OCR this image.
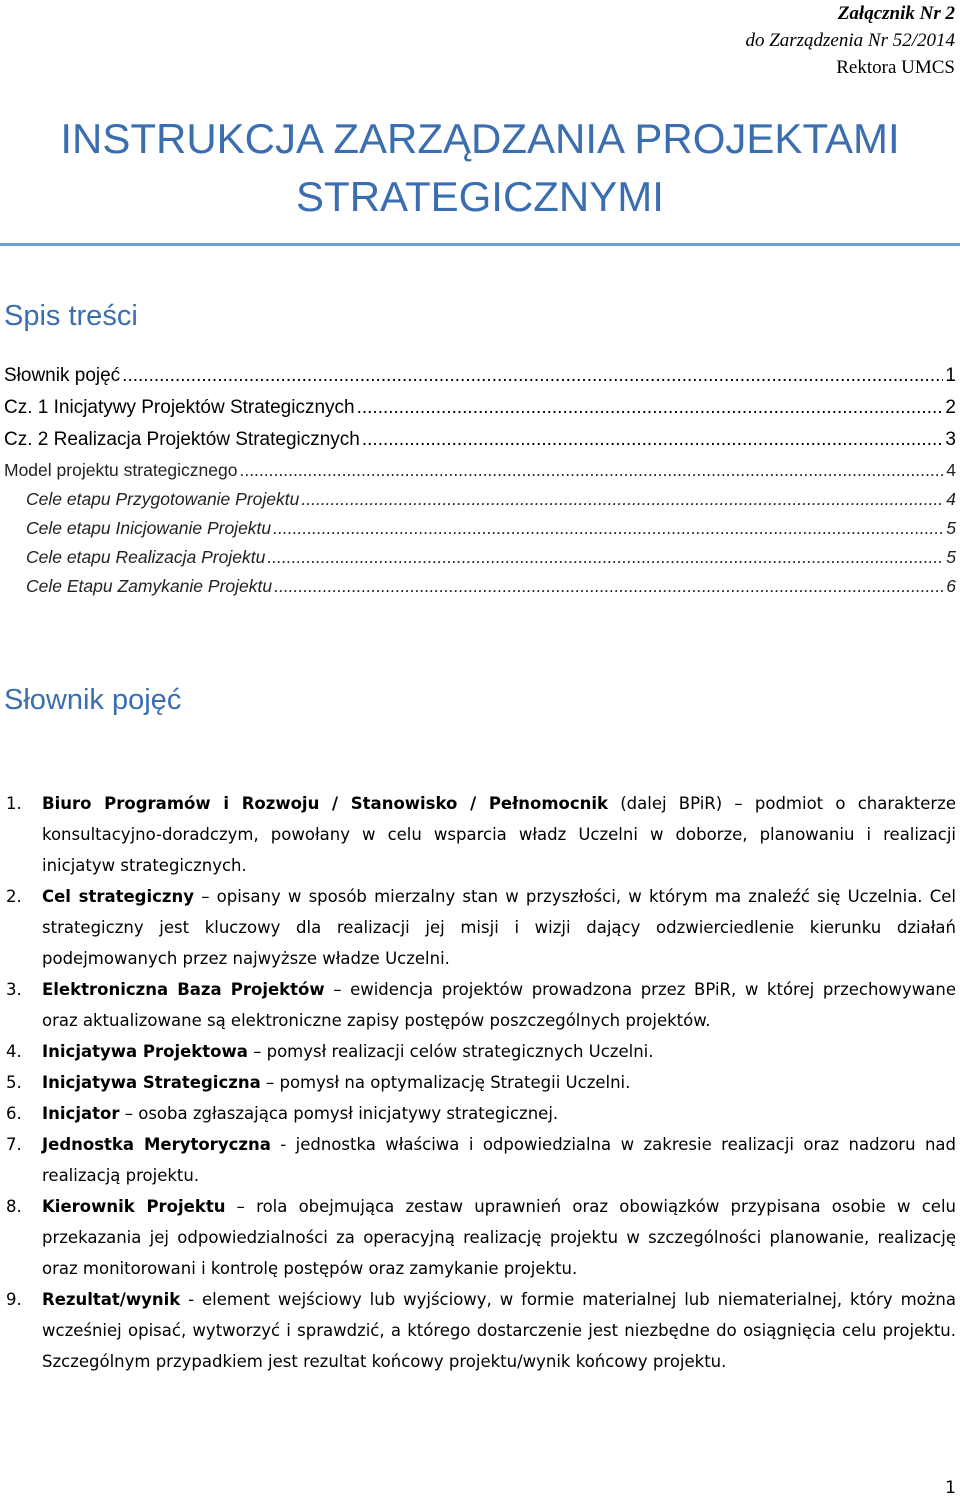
Załącznik Nr 2
do Zarządzenia Nr 52/2014
Rektora UMCS
INSTRUKCJA ZARZĄDZANIA PROJEKTAMI
STRATEGICZNYMI
Spis treści
Słownik pojęć .....	1
Cz. 1 Inicjatywy Projektów Strategicznych .....	2
Cz. 2 Realizacja Projektów Strategicznych .....	3
Model projektu strategicznego .....	4
Cele etapu Przygotowanie Projektu .....	4
Cele etapu Inicjowanie Projektu .....	5
Cele etapu Realizacja Projektu .....	5
Cele Etapu Zamykanie Projektu .....	6
Słownik pojęć
1.	Biuro Programów i Rozwoju / Stanowisko / Pełnomocnik (dalej BPiR) – podmiot o charakterze konsultacyjno-doradczym, powołany w celu wsparcia władz Uczelni w doborze, planowaniu i realizacji inicjatyw strategicznych.
2.	Cel strategiczny – opisany w sposób mierzalny stan w przyszłości, w którym ma znaleźć się Uczelnia. Cel strategiczny jest kluczowy dla realizacji jej misji i wizji dający odzwierciedlenie kierunku działań podejmowanych przez najwyższe władze Uczelni.
3.	Elektroniczna Baza Projektów – ewidencja projektów prowadzona przez BPiR, w której przechowywane oraz aktualizowane są elektroniczne zapisy postępów poszczególnych projektów.
4.	Inicjatywa Projektowa – pomysł realizacji celów strategicznych Uczelni.
5.	Inicjatywa Strategiczna – pomysł na optymalizację Strategii Uczelni.
6.	Inicjator – osoba zgłaszająca pomysł inicjatywy strategicznej.
7.	Jednostka Merytoryczna - jednostka właściwa i odpowiedzialna w zakresie realizacji oraz nadzoru nad realizacją projektu.
8.	Kierownik Projektu – rola obejmująca zestaw uprawnień oraz obowiązków przypisana osobie w celu przekazania jej odpowiedzialności za operacyjną realizację projektu w szczególności planowanie, realizację oraz monitorowani i kontrolę postępów oraz zamykanie projektu.
9.	Rezultat/wynik - element wejściowy lub wyjściowy, w formie materialnej lub niematerialnej, który można wcześniej opisać, wytworzyć i sprawdzić, a którego dostarczenie jest niezbędne do osiągnięcia celu projektu. Szczególnym przypadkiem jest rezultat końcowy projektu/wynik końcowy projektu.
1
